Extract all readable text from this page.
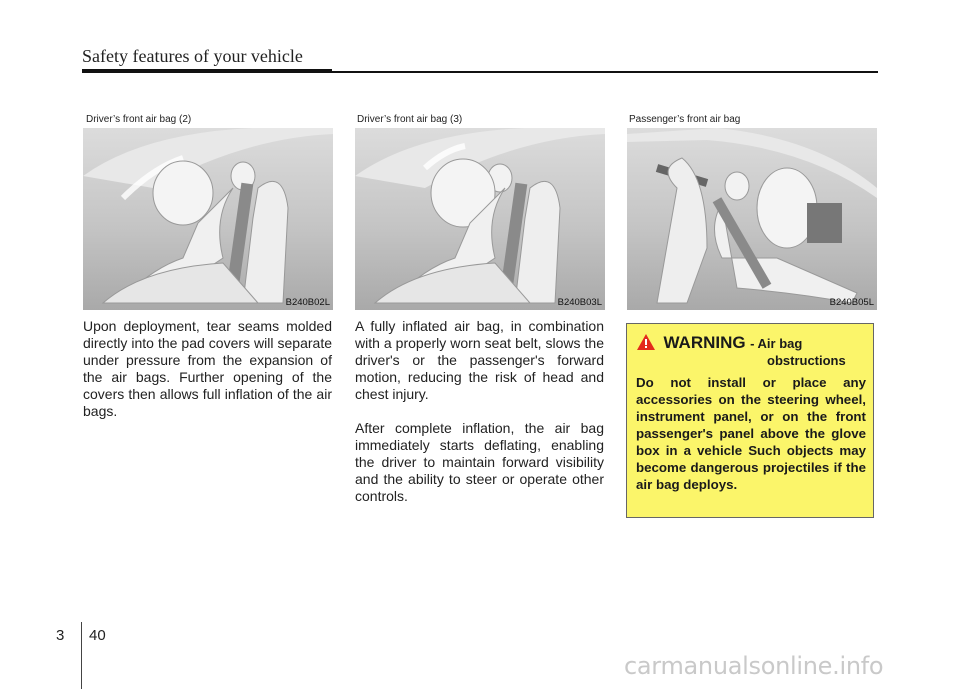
Safety features of your vehicle
Driver’s front air bag (2)
B240B02L
Driver’s front air bag (3)
B240B03L
Passenger’s front air bag
B240B05L

Upon deployment, tear seams molded directly into the pad covers will separate under pressure from the expansion of the air bags. Further opening of the covers then allows full inflation of the air bags.

A fully inflated air bag, in combination with a properly worn seat belt, slows the driver's or the passenger's forward motion, reducing the risk of head and chest injury.

After complete inflation, the air bag immediately starts deflating, enabling the driver to maintain forward visibility and the ability to steer or operate other controls.

WARNING - Air bag
obstructions
Do not install or place any accessories on the steering wheel, instrument panel, or on the front passenger's panel above the glove box in a vehicle Such objects may become dangerous projectiles if the air bag deploys.
3 40
carmanualsonline.info
